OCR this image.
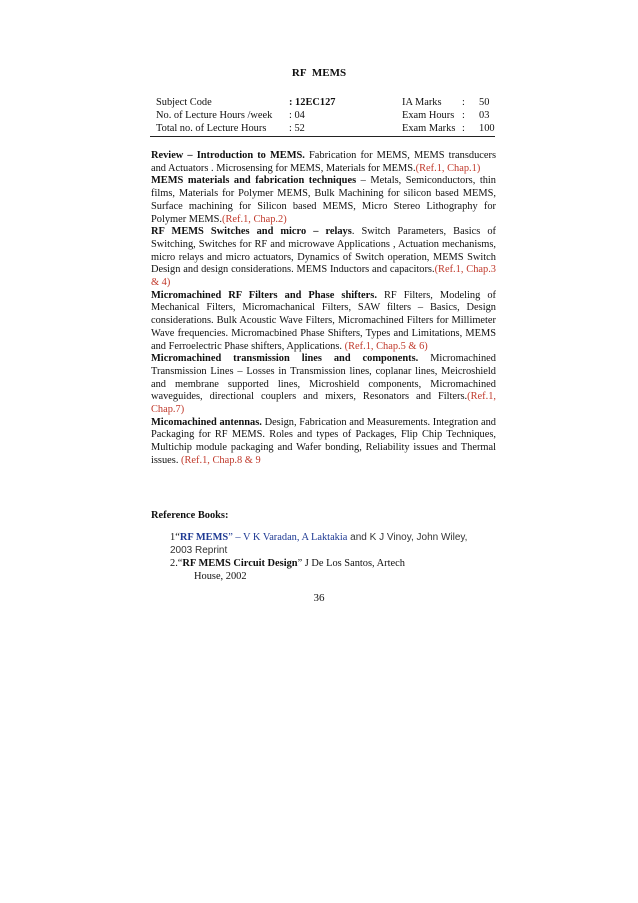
RF MEMS
Subject Code	: 12EC127	IA Marks : 50
No. of Lecture Hours /week : 04	Exam Hours : 03
Total no. of Lecture Hours : 52	Exam Marks : 100

Review – Introduction to MEMS. Fabrication for MEMS, MEMS transducers and Actuators . Microsensing for MEMS, Materials for MEMS.(Ref.1, Chap.1)

MEMS materials and fabrication techniques – Metals, Semiconductors, thin films, Materials for Polymer MEMS, Bulk Machining for silicon based MEMS, Surface machining for Silicon based MEMS, Micro Stereo Lithography for Polymer MEMS.(Ref.1, Chap.2)

RF MEMS Switches and micro – relays. Switch Parameters, Basics of Switching, Switches for RF and microwave Applications , Actuation mechanisms, micro relays and micro actuators, Dynamics of Switch operation, MEMS Switch Design and design considerations. MEMS Inductors and capacitors.(Ref.1, Chap.3 & 4)

Micromachined RF Filters and Phase shifters. RF Filters, Modeling of Mechanical Filters, Micromachanical Filters, SAW filters – Basics, Design considerations. Bulk Acoustic Wave Filters, Micromachined Filters for Millimeter Wave frequencies. Micromacbined Phase Shifters, Types and Limitations, MEMS and Ferroelectric Phase shifters, Applications. (Ref.1, Chap.5 & 6)

Micromachined transmission lines and components. Micromachined Transmission Lines – Losses in Transmission lines, coplanar lines, Meicroshield and membrane supported lines, Microshield components, Micromachined waveguides, directional couplers and mixers, Resonators and Filters.(Ref.1, Chap.7)

Micomachined antennas. Design, Fabrication and Measurements. Integration and Packaging for RF MEMS. Roles and types of Packages, Flip Chip Techniques, Multichip module packaging and Wafer bonding, Reliability issues and Thermal issues. (Ref.1, Chap.8 & 9

Reference Books:
1“RF MEMS” – V K Varadan, A Laktakia and K J Vinoy, John Wiley, 2003 Reprint
2.“RF MEMS Circuit Design” J De Los Santos, Artech
House, 2002
36
